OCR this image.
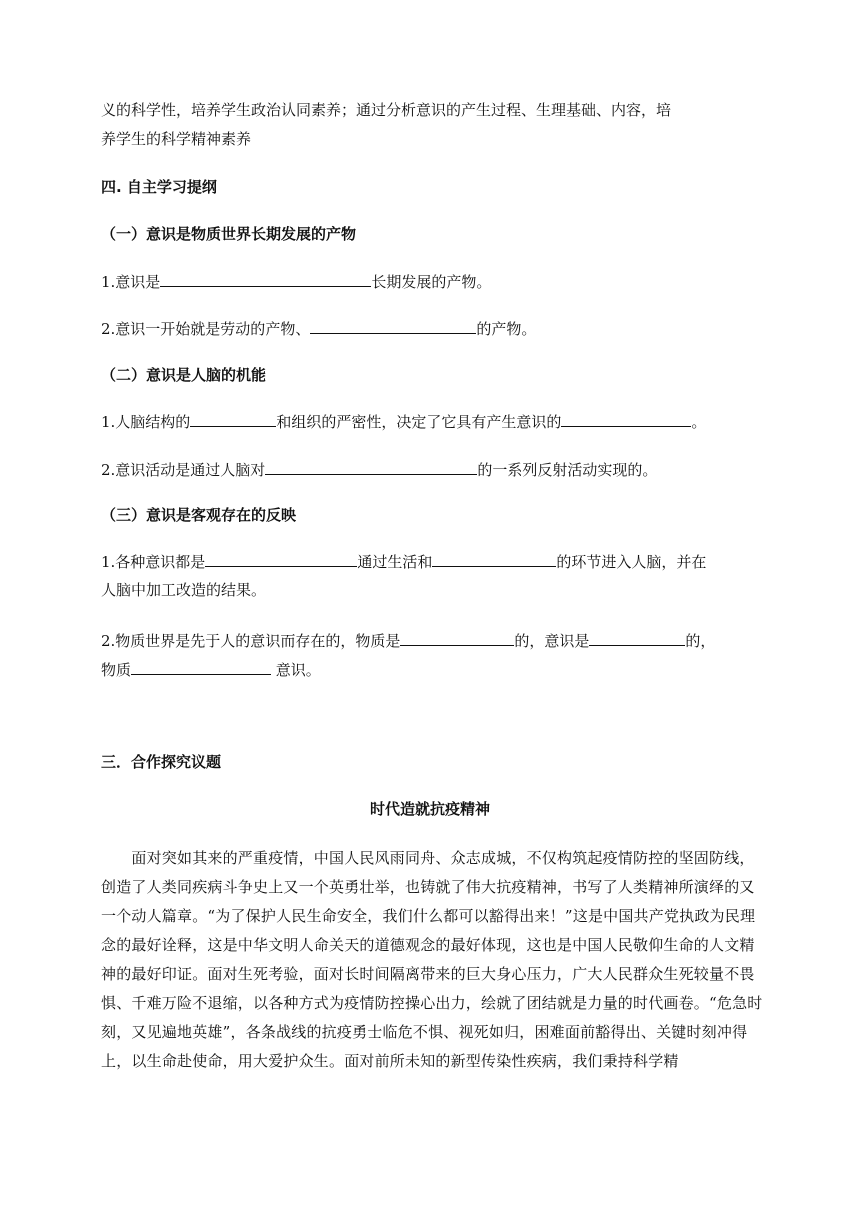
义的科学性，培养学生政治认同素养；通过分析意识的产生过程、生理基础、内容，培
养学生的科学精神素养
四. 自主学习提纲
（一）意识是物质世界长期发展的产物
1.意识是	长期发展的产物。
2.意识一开始就是劳动的产物、	的产物。
（二）意识是人脑的机能
1.人脑结构的	和组织的严密性，决定了它具有产生意识的	。
2.意识活动是通过人脑对	的一系列反射活动实现的。
（三）意识是客观存在的反映
1.各种意识都是	通过生活和	的环节进入人脑，并在
人脑中加工改造的结果。
2.物质世界是先于人的意识而存在的，物质是	的，意识是	的，
物质	意识。
三．合作探究议题
时代造就抗疫精神

　　面对突如其来的严重疫情，中国人民风雨同舟、众志成城，不仅构筑起疫情防控的坚固防线，创造了人类同疾病斗争史上又一个英勇壮举，也铸就了伟大抗疫精神，书写了人类精神所演绎的又一个动人篇章。“为了保护人民生命安全，我们什么都可以豁得出来！”这是中国共产党执政为民理念的最好诠释，这是中华文明人命关天的道德观念的最好体现，这也是中国人民敬仰生命的人文精神的最好印证。面对生死考验，面对长时间隔离带来的巨大身心压力，广大人民群众生死较量不畏惧、千难万险不退缩，以各种方式为疫情防控操心出力，绘就了团结就是力量的时代画卷。“危急时刻，又见遍地英雄”，各条战线的抗疫勇士临危不惧、视死如归，困难面前豁得出、关键时刻冲得上，以生命赴使命，用大爱护众生。面对前所未知的新型传染性疾病，我们秉持科学精
